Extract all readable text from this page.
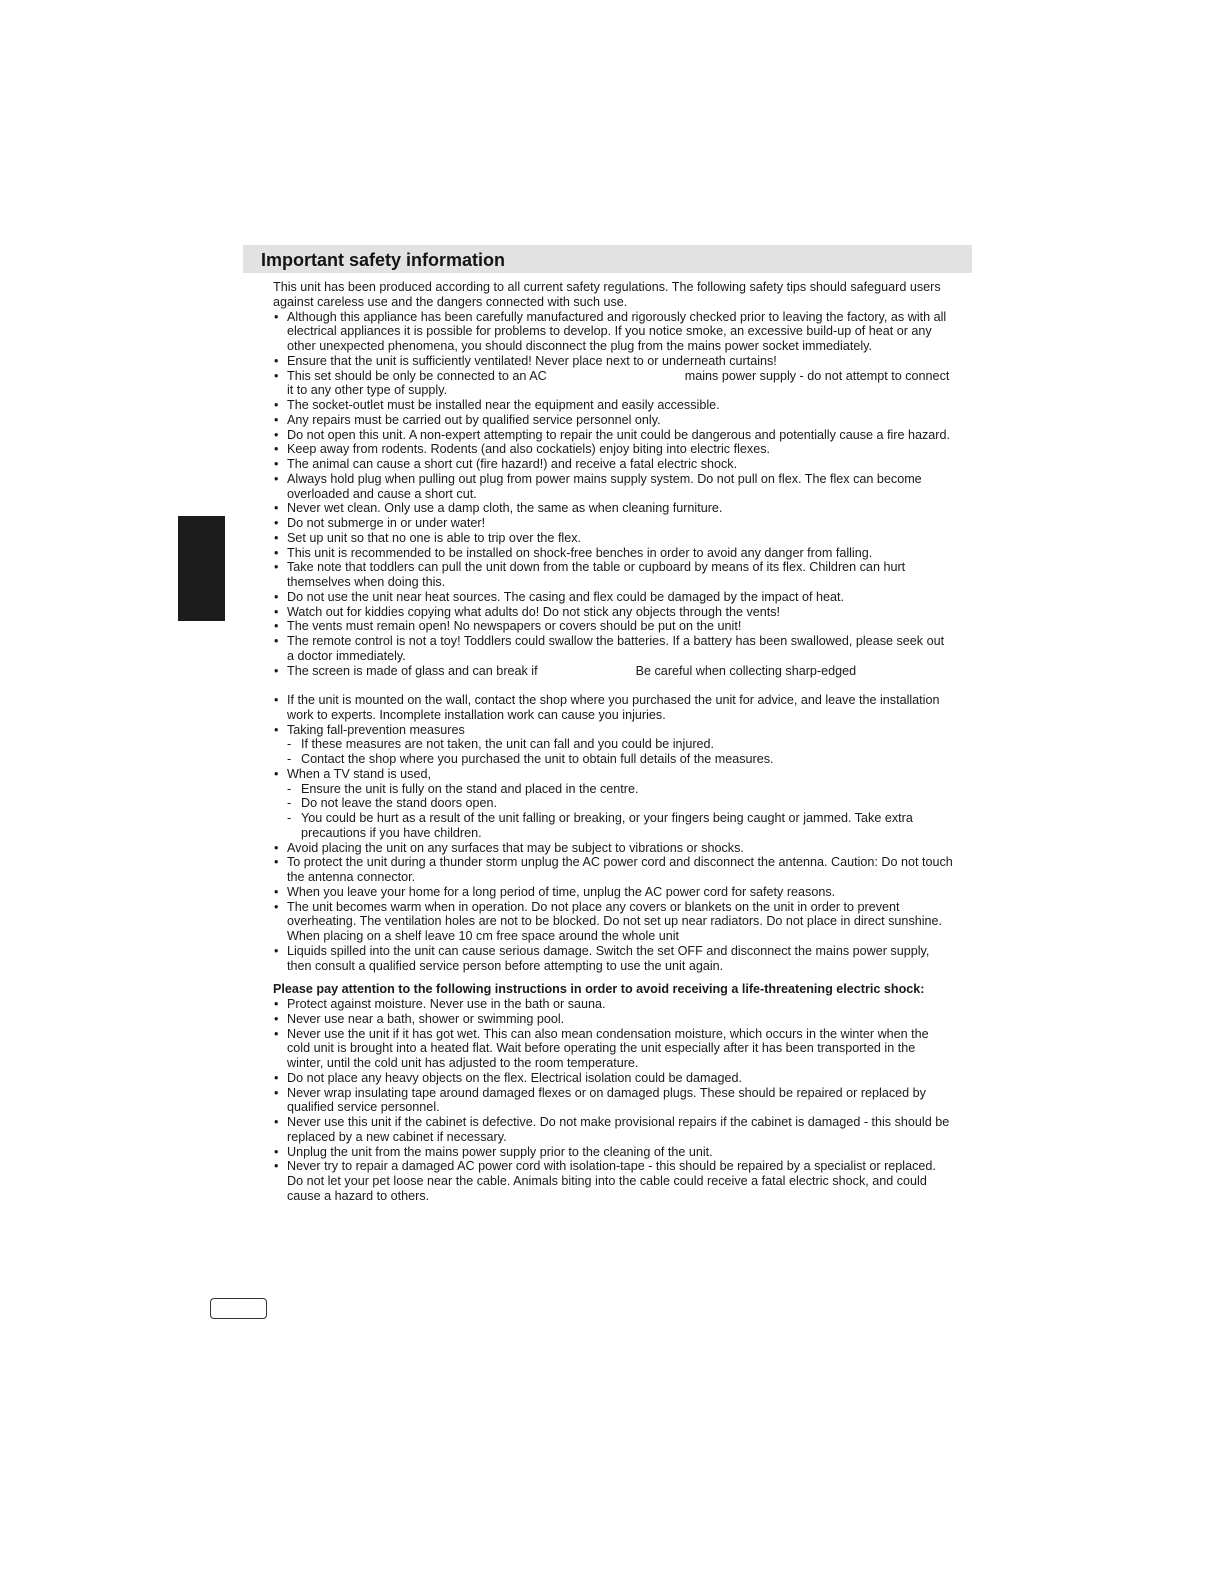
Important safety information

This unit has been produced according to all current safety regulations. The following safety tips should safeguard users against careless use and the dangers connected with such use.

• Although this appliance has been carefully manufactured and rigorously checked prior to leaving the factory, as with all electrical appliances it is possible for problems to develop. If you notice smoke, an excessive build-up of heat or any other unexpected phenomena, you should disconnect the plug from the mains power socket immediately.
• Ensure that the unit is sufficiently ventilated! Never place next to or underneath curtains!
• This set should be only be connected to an AC	mains power supply - do not attempt to connect it to any other type of supply.
• The socket-outlet must be installed near the equipment and easily accessible.
• Any repairs must be carried out by qualified service personnel only.
• Do not open this unit. A non-expert attempting to repair the unit could be dangerous and potentially cause a fire hazard.
• Keep away from rodents. Rodents (and also cockatiels) enjoy biting into electric flexes.
• The animal can cause a short cut (fire hazard!) and receive a fatal electric shock.
• Always hold plug when pulling out plug from power mains supply system. Do not pull on flex. The flex can become overloaded and cause a short cut.
• Never wet clean. Only use a damp cloth, the same as when cleaning furniture.
• Do not submerge in or under water!
• Set up unit so that no one is able to trip over the flex.
• This unit is recommended to be installed on shock-free benches in order to avoid any danger from falling.
• Take note that toddlers can pull the unit down from the table or cupboard by means of its flex. Children can hurt themselves when doing this.
• Do not use the unit near heat sources. The casing and flex could be damaged by the impact of heat.
• Watch out for kiddies copying what adults do! Do not stick any objects through the vents!
• The vents must remain open! No newspapers or covers should be put on the unit!
• The remote control is not a toy! Toddlers could swallow the batteries. If a battery has been swallowed, please seek out a doctor immediately.
• The screen is made of glass and can break if	Be careful when collecting sharp-edged
• If the unit is mounted on the wall, contact the shop where you purchased the unit for advice, and leave the installation work to experts. Incomplete installation work can cause you injuries.
• Taking fall-prevention measures
- If these measures are not taken, the unit can fall and you could be injured.
- Contact the shop where you purchased the unit to obtain full details of the measures.
• When a TV stand is used,
- Ensure the unit is fully on the stand and placed in the centre.
- Do not leave the stand doors open.
- You could be hurt as a result of the unit falling or breaking, or your fingers being caught or jammed. Take extra precautions if you have children.
• Avoid placing the unit on any surfaces that may be subject to vibrations or shocks.
• To protect the unit during a thunder storm unplug the AC power cord and disconnect the antenna. Caution: Do not touch the antenna connector.
• When you leave your home for a long period of time, unplug the AC power cord for safety reasons.
• The unit becomes warm when in operation. Do not place any covers or blankets on the unit in order to prevent overheating. The ventilation holes are not to be blocked. Do not set up near radiators. Do not place in direct sunshine. When placing on a shelf leave 10 cm free space around the whole unit
• Liquids spilled into the unit can cause serious damage. Switch the set OFF and disconnect the mains power supply, then consult a qualified service person before attempting to use the unit again.

Please pay attention to the following instructions in order to avoid receiving a life-threatening electric shock:

• Protect against moisture. Never use in the bath or sauna.
• Never use near a bath, shower or swimming pool.
• Never use the unit if it has got wet. This can also mean condensation moisture, which occurs in the winter when the cold unit is brought into a heated flat. Wait before operating the unit especially after it has been transported in the winter, until the cold unit has adjusted to the room temperature.
• Do not place any heavy objects on the flex. Electrical isolation could be damaged.
• Never wrap insulating tape around damaged flexes or on damaged plugs. These should be repaired or replaced by qualified service personnel.
• Never use this unit if the cabinet is defective. Do not make provisional repairs if the cabinet is damaged - this should be replaced by a new cabinet if necessary.
• Unplug the unit from the mains power supply prior to the cleaning of the unit.
• Never try to repair a damaged AC power cord with isolation-tape - this should be repaired by a specialist or replaced. Do not let your pet loose near the cable. Animals biting into the cable could receive a fatal electric shock, and could cause a hazard to others.
